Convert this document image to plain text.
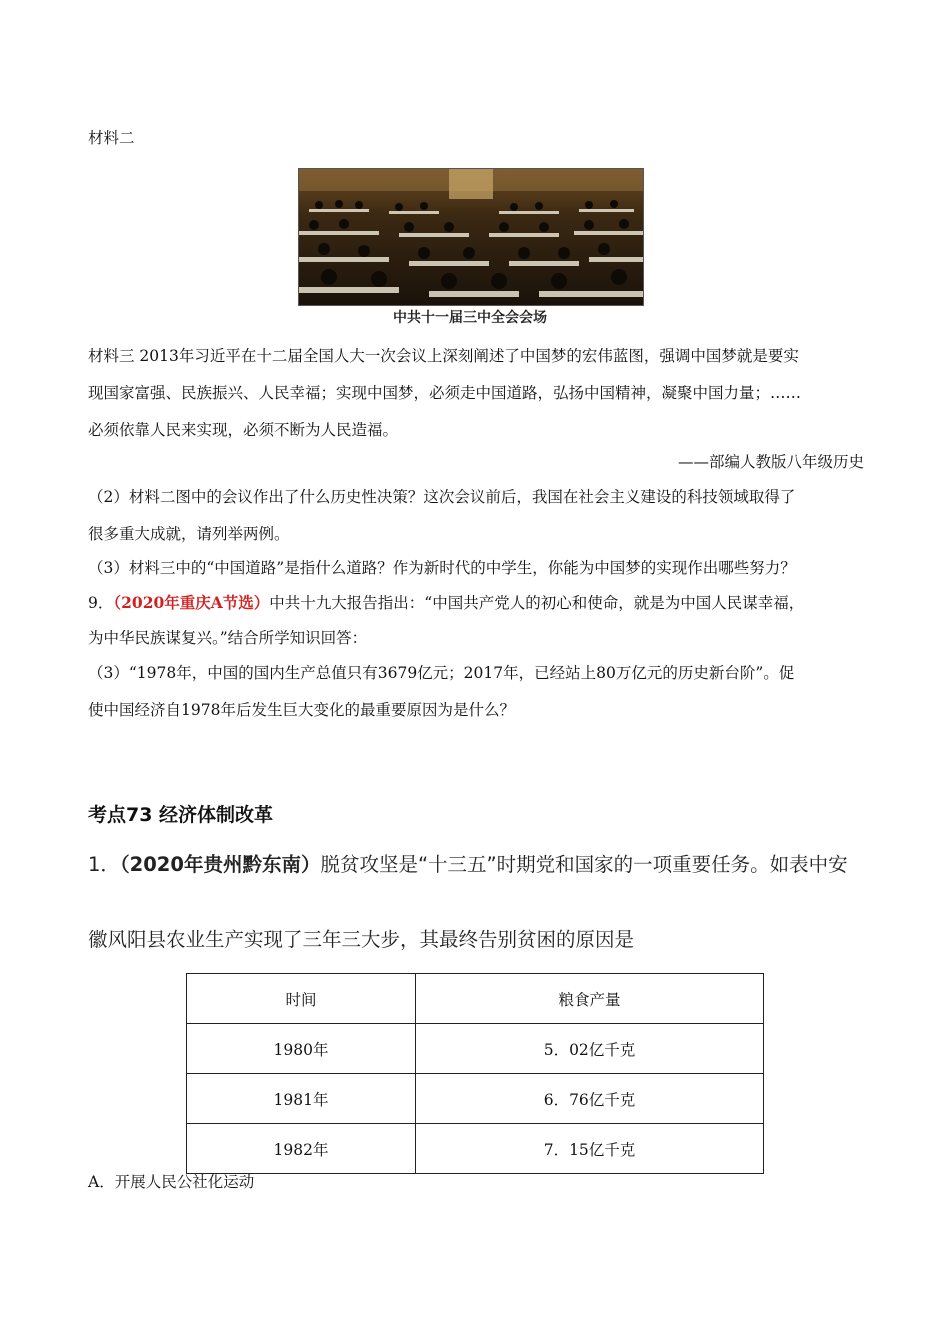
材料二
中共十一届三中全会会场
材料三 2013年习近平在十二届全国人大一次会议上深刻阐述了中国梦的宏伟蓝图，强调中国梦就是要实
现国家富强、民族振兴、人民幸福；实现中国梦，必须走中国道路，弘扬中国精神，凝聚中国力量；……
必须依靠人民来实现，必须不断为人民造福。
——部编人教版八年级历史
（2）材料二图中的会议作出了什么历史性决策？这次会议前后，我国在社会主义建设的科技领域取得了
很多重大成就，请列举两例。
（3）材料三中的“中国道路”是指什么道路？作为新时代的中学生，你能为中国梦的实现作出哪些努力？
9．（2020年重庆A节选）中共十九大报告指出：“中国共产党人的初心和使命，就是为中国人民谋幸福，
为中华民族谋复兴。”结合所学知识回答：
（3）“1978年，中国的国内生产总值只有3679亿元；2017年，已经站上80万亿元的历史新台阶”。促
使中国经济自1978年后发生巨大变化的最重要原因为是什么？
考点73 经济体制改革
1．（2020年贵州黔东南）脱贫攻坚是“十三五”时期党和国家的一项重要任务。如表中安
徽风阳县农业生产实现了三年三大步，其最终告别贫困的原因是
时间	粮食产量
1980年	5．02亿千克
1981年	6．76亿千克
1982年	7．15亿千克
A．开展人民公社化运动
